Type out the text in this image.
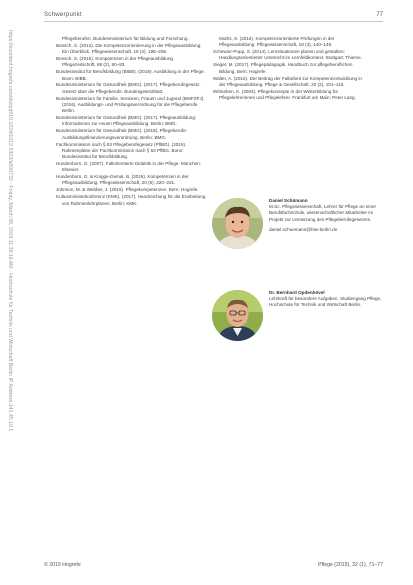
Schwerpunkt	77
https://econtent.hogrefe.com/doi/pdf/10.1024/1012-5302/a000732 - Friday, March 08, 2019 11:39:18 AM - Hochschule für Technik und Wirtschaft Berlin IP Address:141.45.10.1	Pflegeberufen. Bundesministerium für Bildung und Forschung.

Bensch, S. (2013). Die Kompetenzorientierung in der Pflegeausbildung: Ein Überblick. Pflegewissenschaft, 15 (4), 196–205.

Bensch, S. (2015). Kompetenzen in der Pflegeausbildung. Pflegezeitschrift, 68 (2), 80–83.

Bundesinstitut für Berufsbildung (BIBB). (2018). Ausbildung in der Pflege. Bonn: BIBB.

Bundesministerium für Gesundheit (BMG). (2017). Pflegeberufegesetz. Gesetz über die Pflegeberufe. Bundesgesetzblatt.

Bundesministerium für Familie, Senioren, Frauen und Jugend (BMFSFJ). (2016). Ausbildungs- und Prüfungsverordnung für die Pflegeberufe. Berlin.

Bundesministerium für Gesundheit (BMG). (2017). Pflegeausbildung: Informationen zur neuen Pflegeausbildung. Berlin: BMG.

Bundesministerium für Gesundheit (BMG). (2018). Pflegeberufe-Ausbildungsfinanzierungsverordnung. Berlin: BMG.

Fachkommission nach § 53 Pflegeberufegesetz (PflBG). (2019). Rahmenpläne der Fachkommission nach § 53 PflBG. Bonn: Bundesinstitut für Berufsbildung.

Hundenborn, G. (2007). Fallorientierte Didaktik in der Pflege. München: Elsevier.

Hundenborn, G. & Knigge-Demal, B. (2018). Kompetenzen in der Pflegeausbildung. Pflegewissenschaft, 20 (5), 220–231.

Johnson, M. & Webber, J. (2015). Pflegekompetenzen. Bern: Hogrefe.

Kultusministerkonferenz (KMK). (2017). Handreichung für die Erarbeitung von Rahmenlehrplänen. Berlin: KMK.

Muths, S. (2016). Kompetenzorientierte Prüfungen in der Pflegeausbildung. Pflegewissenschaft, 18 (3), 140–149.

Schewior-Popp, S. (2014). Lernsituationen planen und gestalten: Handlungsorientierter Unterricht im Lernfeldkontext. Stuttgart: Thieme.

Sieger, M. (2017). Pflegepädagogik. Handbuch zur pflegeberuflichen Bildung. Bern: Hogrefe.

Walter, A. (2015). Der Beitrag der Fallarbeit zur Kompetenzentwicklung in der Pflegeausbildung. Pflege & Gesellschaft, 20 (2), 101–115.

Wittneben, K. (2003). Pflegekonzepte in der Weiterbildung für Pflegelehrerinnen und Pflegelehrer. Frankfurt am Main: Peter Lang.

Daniel Schümann
M.Sc. Pflegewissenschaft, Lehrer für Pflege an einer Berufsfachschule, wissenschaftlicher Mitarbeiter im Projekt zur Umsetzung des Pflegeberufegesetzes.
daniel.schuemann@htw-berlin.de
Dr. Bernhard Opdenhövel
Lehrkraft für besondere Aufgaben, Studiengang Pflege, Hochschule für Technik und Wirtschaft Berlin.
© 2019 Hogrefe	Pflege (2019), 32 (1), 71–77
